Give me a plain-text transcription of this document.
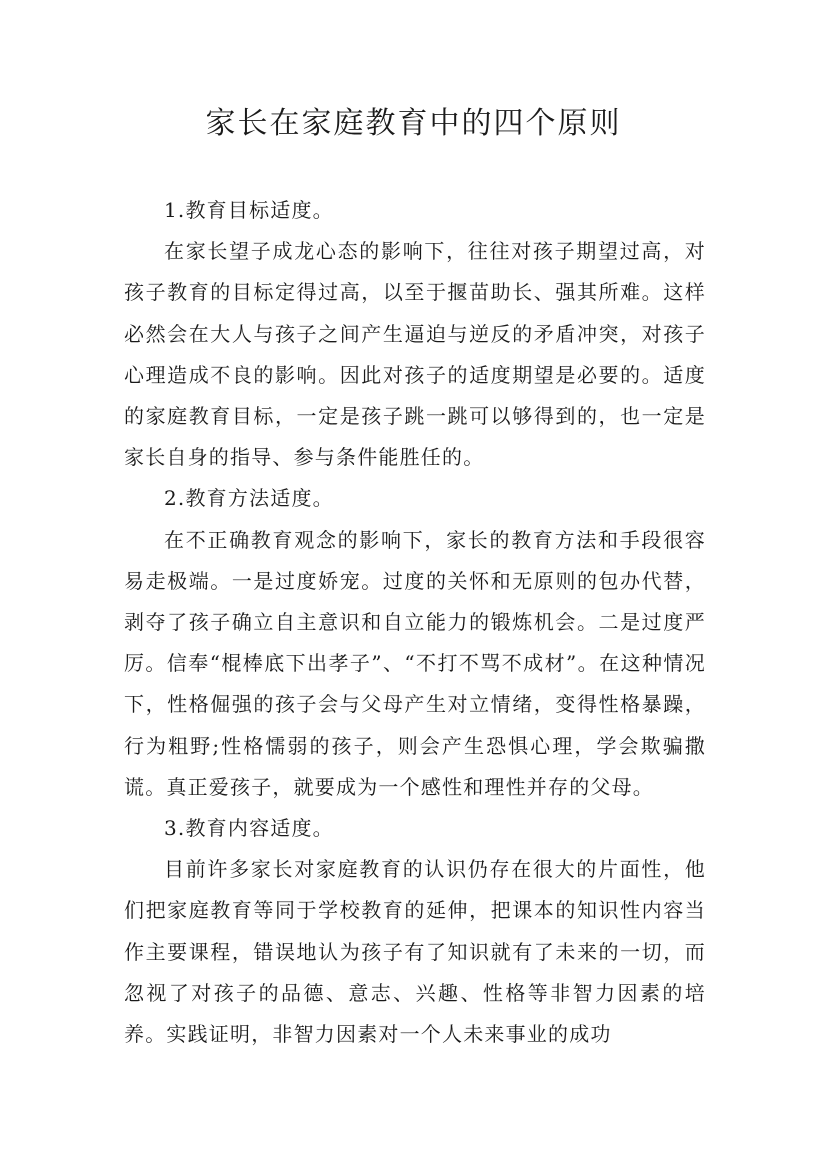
家长在家庭教育中的四个原则

1.教育目标适度。

在家长望子成龙心态的影响下，往往对孩子期望过高，对孩子教育的目标定得过高，以至于揠苗助长、强其所难。这样必然会在大人与孩子之间产生逼迫与逆反的矛盾冲突，对孩子心理造成不良的影响。因此对孩子的适度期望是必要的。适度的家庭教育目标，一定是孩子跳一跳可以够得到的，也一定是家长自身的指导、参与条件能胜任的。

2.教育方法适度。

在不正确教育观念的影响下，家长的教育方法和手段很容易走极端。一是过度娇宠。过度的关怀和无原则的包办代替，剥夺了孩子确立自主意识和自立能力的锻炼机会。二是过度严厉。信奉“棍棒底下出孝子”、“不打不骂不成材”。在这种情况下，性格倔强的孩子会与父母产生对立情绪，变得性格暴躁，行为粗野;性格懦弱的孩子，则会产生恐惧心理，学会欺骗撒谎。真正爱孩子，就要成为一个感性和理性并存的父母。

3.教育内容适度。

目前许多家长对家庭教育的认识仍存在很大的片面性，他们把家庭教育等同于学校教育的延伸，把课本的知识性内容当作主要课程，错误地认为孩子有了知识就有了未来的一切，而忽视了对孩子的品德、意志、兴趣、性格等非智力因素的培养。实践证明，非智力因素对一个人未来事业的成功
